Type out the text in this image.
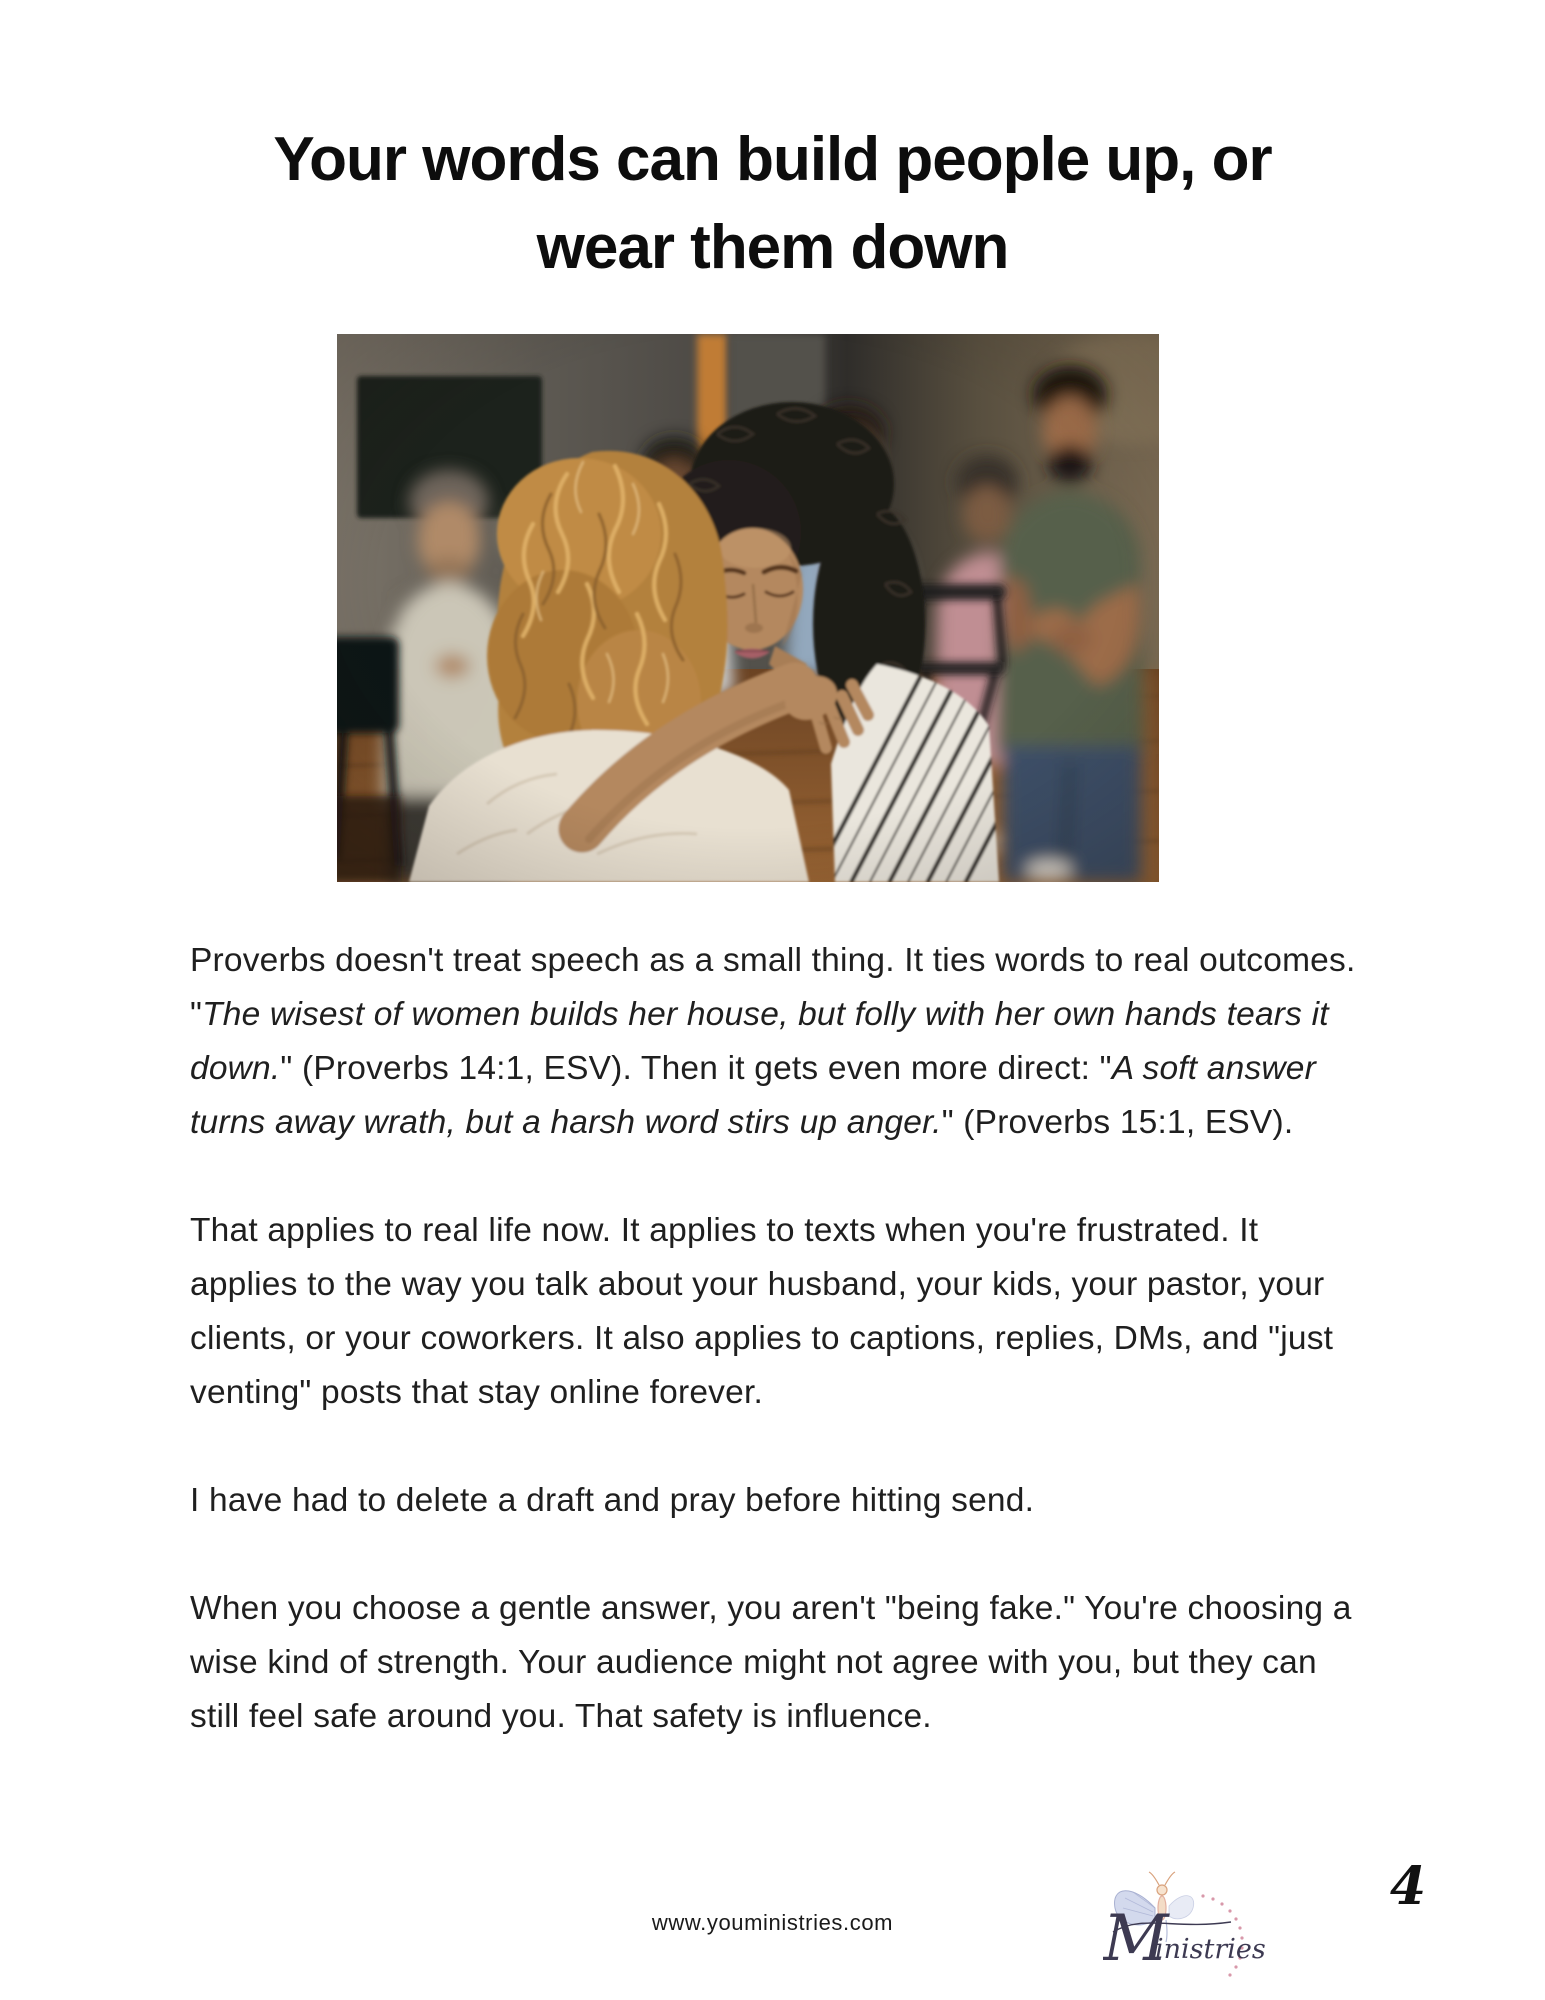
Your words can build people up, or
wear them down

Proverbs doesn't treat speech as a small thing. It ties words to real outcomes. "The wisest of women builds her house, but folly with her own hands tears it down." (Proverbs 14:1, ESV). Then it gets even more direct: "A soft answer turns away wrath, but a harsh word stirs up anger." (Proverbs 15:1, ESV).

That applies to real life now. It applies to texts when you're frustrated. It applies to the way you talk about your husband, your kids, your pastor, your clients, or your coworkers. It also applies to captions, replies, DMs, and "just venting" posts that stay online forever.

I have had to delete a draft and pray before hitting send.

When you choose a gentle answer, you aren't "being fake." You're choosing a wise kind of strength. Your audience might not agree with you, but they can still feel safe around you. That safety is influence.

www.youministries.com	M
inistries
4
